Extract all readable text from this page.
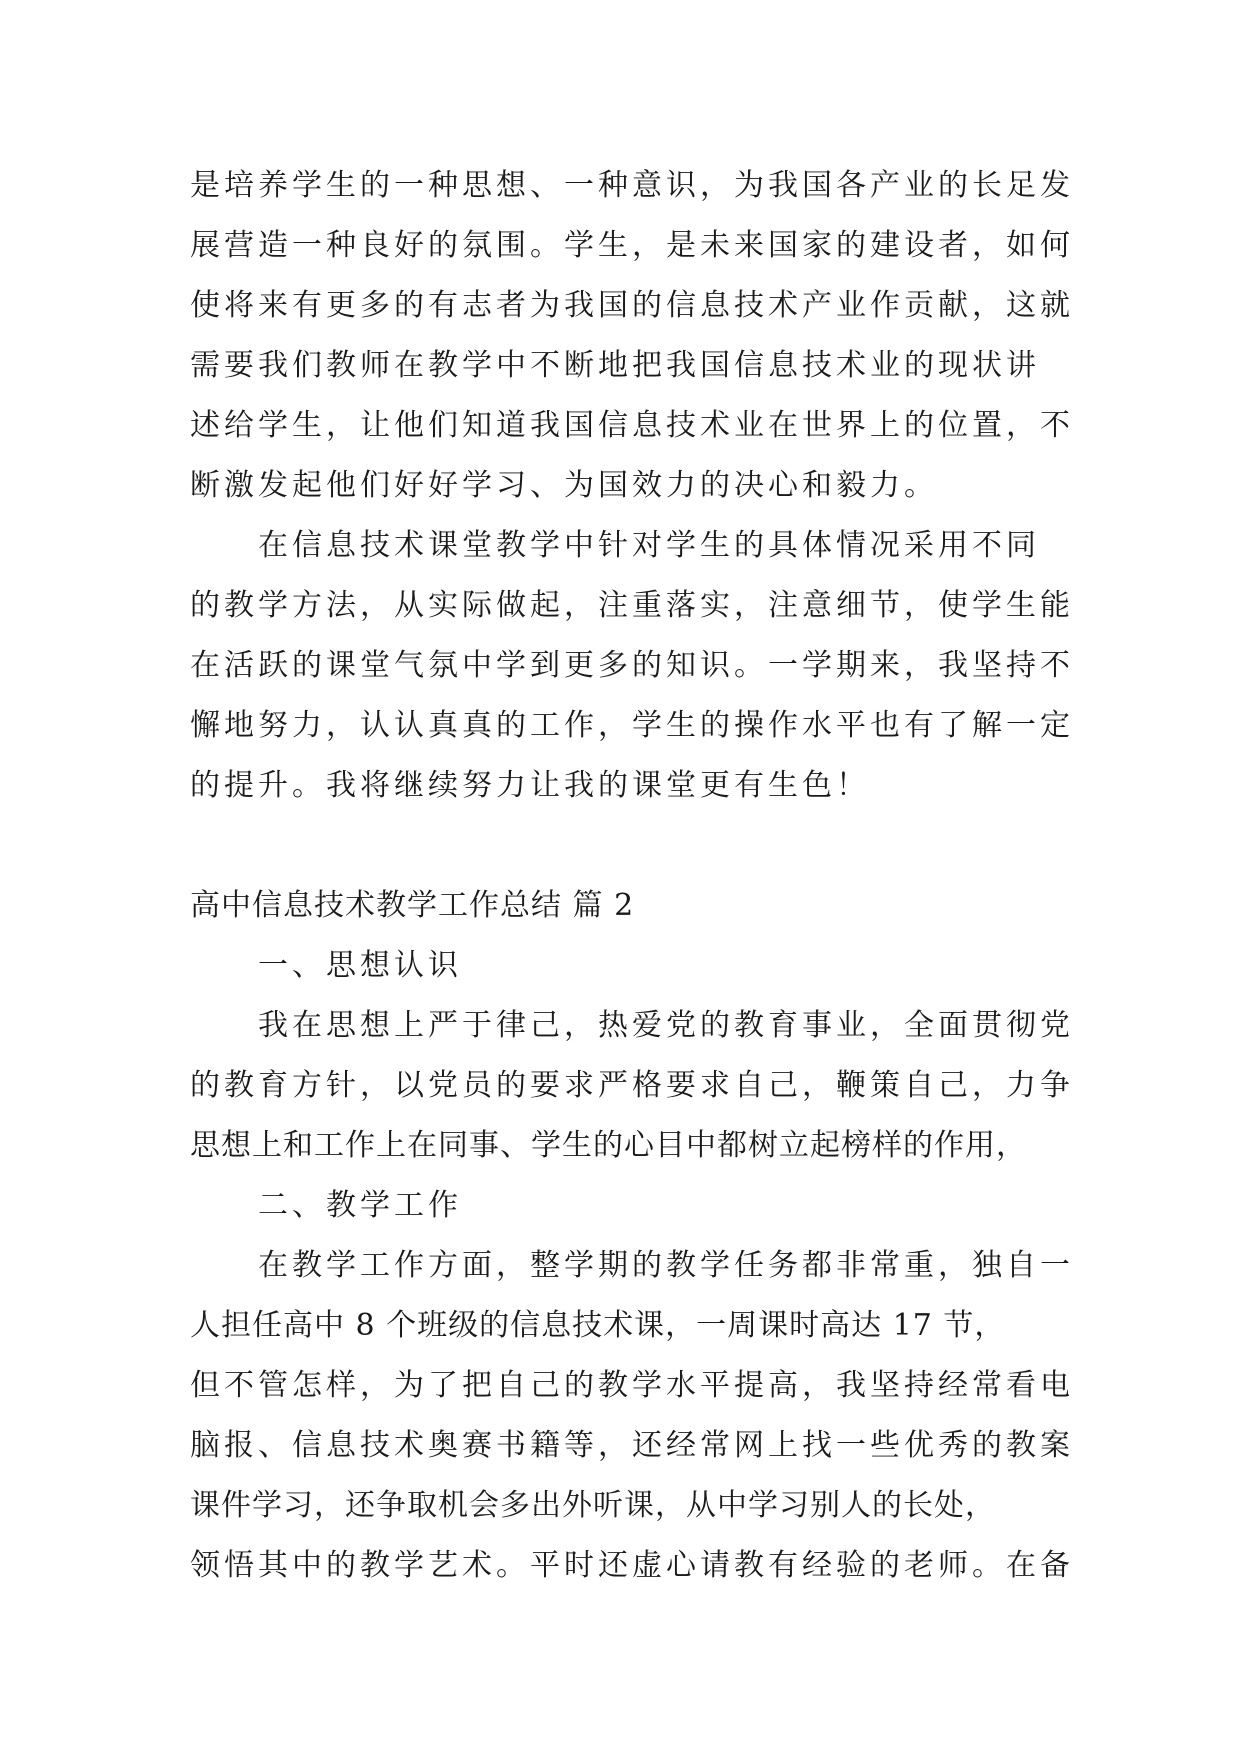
是培养学生的一种思想、一种意识，为我国各产业的长足发

展营造一种良好的氛围。学生，是未来国家的建设者，如何

使将来有更多的有志者为我国的信息技术产业作贡献，这就

需要我们教师在教学中不断地把我国信息技术业的现状讲

述给学生，让他们知道我国信息技术业在世界上的位置，不

断激发起他们好好学习、为国效力的决心和毅力。

在信息技术课堂教学中针对学生的具体情况采用不同

的教学方法，从实际做起，注重落实，注意细节，使学生能

在活跃的课堂气氛中学到更多的知识。一学期来，我坚持不

懈地努力，认认真真的工作，学生的操作水平也有了解一定

的提升。我将继续努力让我的课堂更有生色！

高中信息技术教学工作总结 篇 2

一、思想认识

我在思想上严于律己，热爱党的教育事业，全面贯彻党

的教育方针，以党员的要求严格要求自己，鞭策自己，力争

思想上和工作上在同事、学生的心目中都树立起榜样的作用，

二、教学工作

在教学工作方面，整学期的教学任务都非常重，独自一

人担任高中 8 个班级的信息技术课，一周课时高达 17 节，

但不管怎样，为了把自己的教学水平提高，我坚持经常看电

脑报、信息技术奥赛书籍等，还经常网上找一些优秀的教案

课件学习，还争取机会多出外听课，从中学习别人的长处，

领悟其中的教学艺术。平时还虚心请教有经验的老师。在备
